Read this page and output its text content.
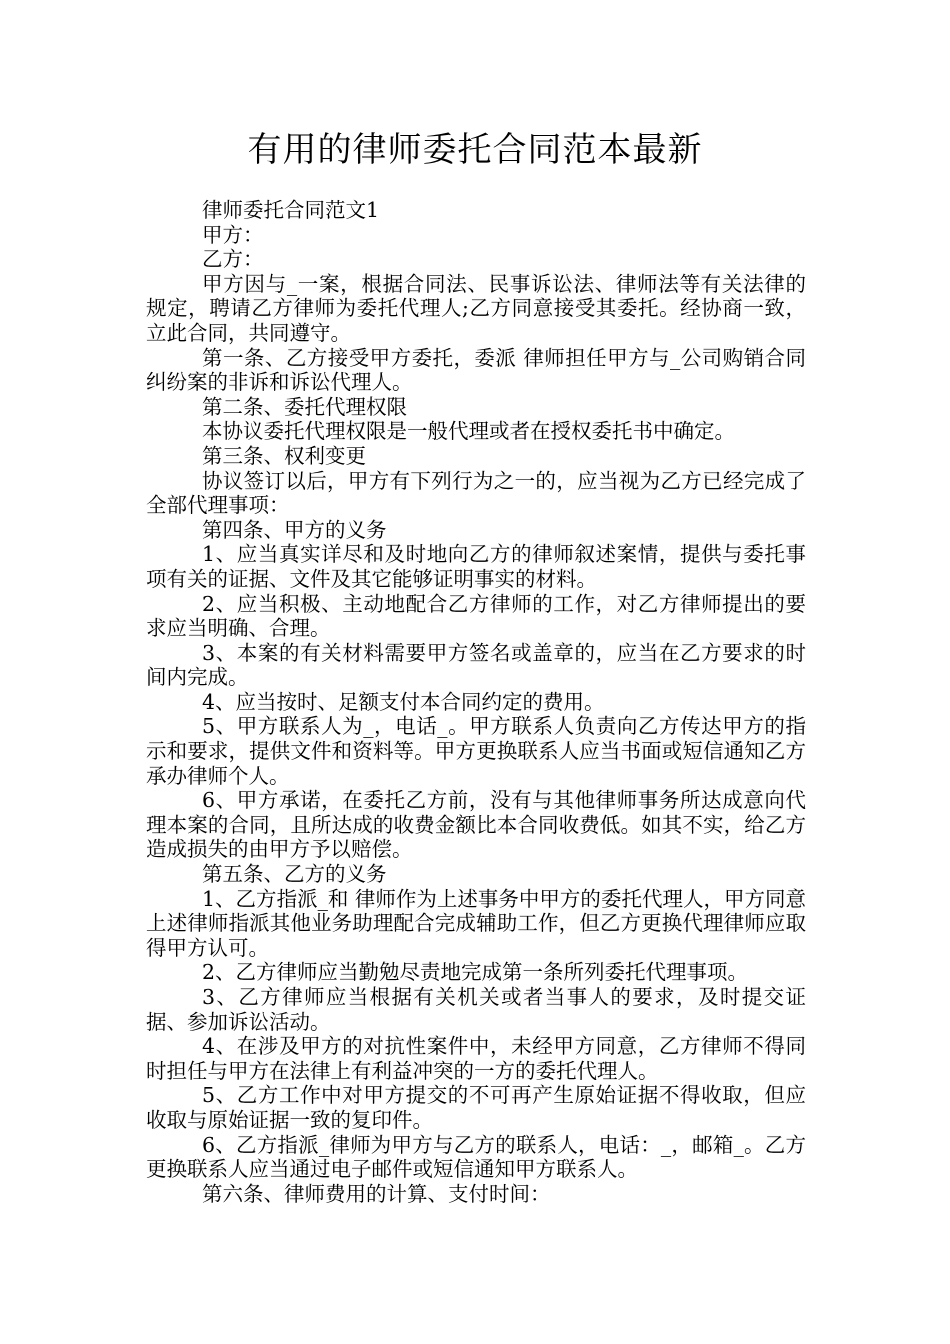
有用的律师委托合同范本最新

律师委托合同范文1

甲方：

乙方：

甲方因与_一案，根据合同法、民事诉讼法、律师法等有关法律的规定，聘请乙方律师为委托代理人;乙方同意接受其委托。经协商一致，立此合同，共同遵守。

第一条、乙方接受甲方委托，委派 律师担任甲方与_公司购销合同纠纷案的非诉和诉讼代理人。

第二条、委托代理权限

本协议委托代理权限是一般代理或者在授权委托书中确定。

第三条、权利变更

协议签订以后，甲方有下列行为之一的，应当视为乙方已经完成了全部代理事项：

第四条、甲方的义务

1、应当真实详尽和及时地向乙方的律师叙述案情，提供与委托事项有关的证据、文件及其它能够证明事实的材料。

2、应当积极、主动地配合乙方律师的工作，对乙方律师提出的要求应当明确、合理。

3、本案的有关材料需要甲方签名或盖章的，应当在乙方要求的时间内完成。

4、应当按时、足额支付本合同约定的费用。

5、甲方联系人为_，电话_。甲方联系人负责向乙方传达甲方的指示和要求，提供文件和资料等。甲方更换联系人应当书面或短信通知乙方承办律师个人。

6、甲方承诺，在委托乙方前，没有与其他律师事务所达成意向代理本案的合同，且所达成的收费金额比本合同收费低。如其不实，给乙方造成损失的由甲方予以赔偿。

第五条、乙方的义务

1、乙方指派_和 律师作为上述事务中甲方的委托代理人，甲方同意上述律师指派其他业务助理配合完成辅助工作，但乙方更换代理律师应取得甲方认可。

2、乙方律师应当勤勉尽责地完成第一条所列委托代理事项。

3、乙方律师应当根据有关机关或者当事人的要求，及时提交证据、参加诉讼活动。

4、在涉及甲方的对抗性案件中，未经甲方同意，乙方律师不得同时担任与甲方在法律上有利益冲突的一方的委托代理人。

5、乙方工作中对甲方提交的不可再产生原始证据不得收取，但应收取与原始证据一致的复印件。

6、乙方指派_律师为甲方与乙方的联系人，电话：_，邮箱_。乙方更换联系人应当通过电子邮件或短信通知甲方联系人。

第六条、律师费用的计算、支付时间：
